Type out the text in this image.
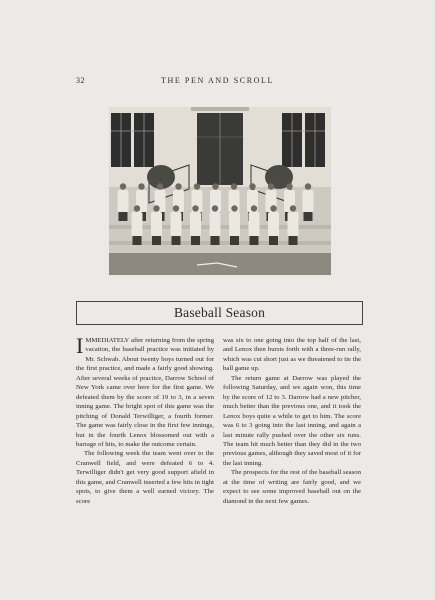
32	THE PEN AND SCROLL
Baseball Season

IMMEDIATELY after returning from the spring vacation, the baseball practice was initiated by Mr. Schwab. About twenty boys turned out for the first practice, and made a fairly good showing. After several weeks of practice, Darrow School of New York came over here for the first game. We defeated them by the score of 19 to 3, in a seven inning game. The bright spot of this game was the pitching of Donald Terwilliger, a fourth former. The game was fairly close in the first few innings, but in the fourth Lenox blossomed out with a barrage of hits, to make the outcome certain.

The following week the team went over to the Cranwell field, and were defeated 6 to 4. Terwilliger didn't get very good support afield in this game, and Cranwell inserted a few hits in tight spots, to give them a well earned victory. The score

was six to one going into the top half of the last, and Lenox then bursts forth with a three-run rally, which was cut short just as we threatened to tie the ball game up.

The return game at Darrow was played the following Saturday, and we again won, this time by the score of 12 to 3. Darrow had a new pitcher, much better than the previous one, and it took the Lenox boys quite a while to get to him. The score was 6 to 3 going into the last inning, and again a last minute rally pushed over the other six runs. The team hit much better than they did in the two previous games, although they saved most of it for the last inning.

The prospects for the rest of the baseball season at the time of writing are fairly good, and we expect to see some improved baseball out on the diamond in the next few games.
